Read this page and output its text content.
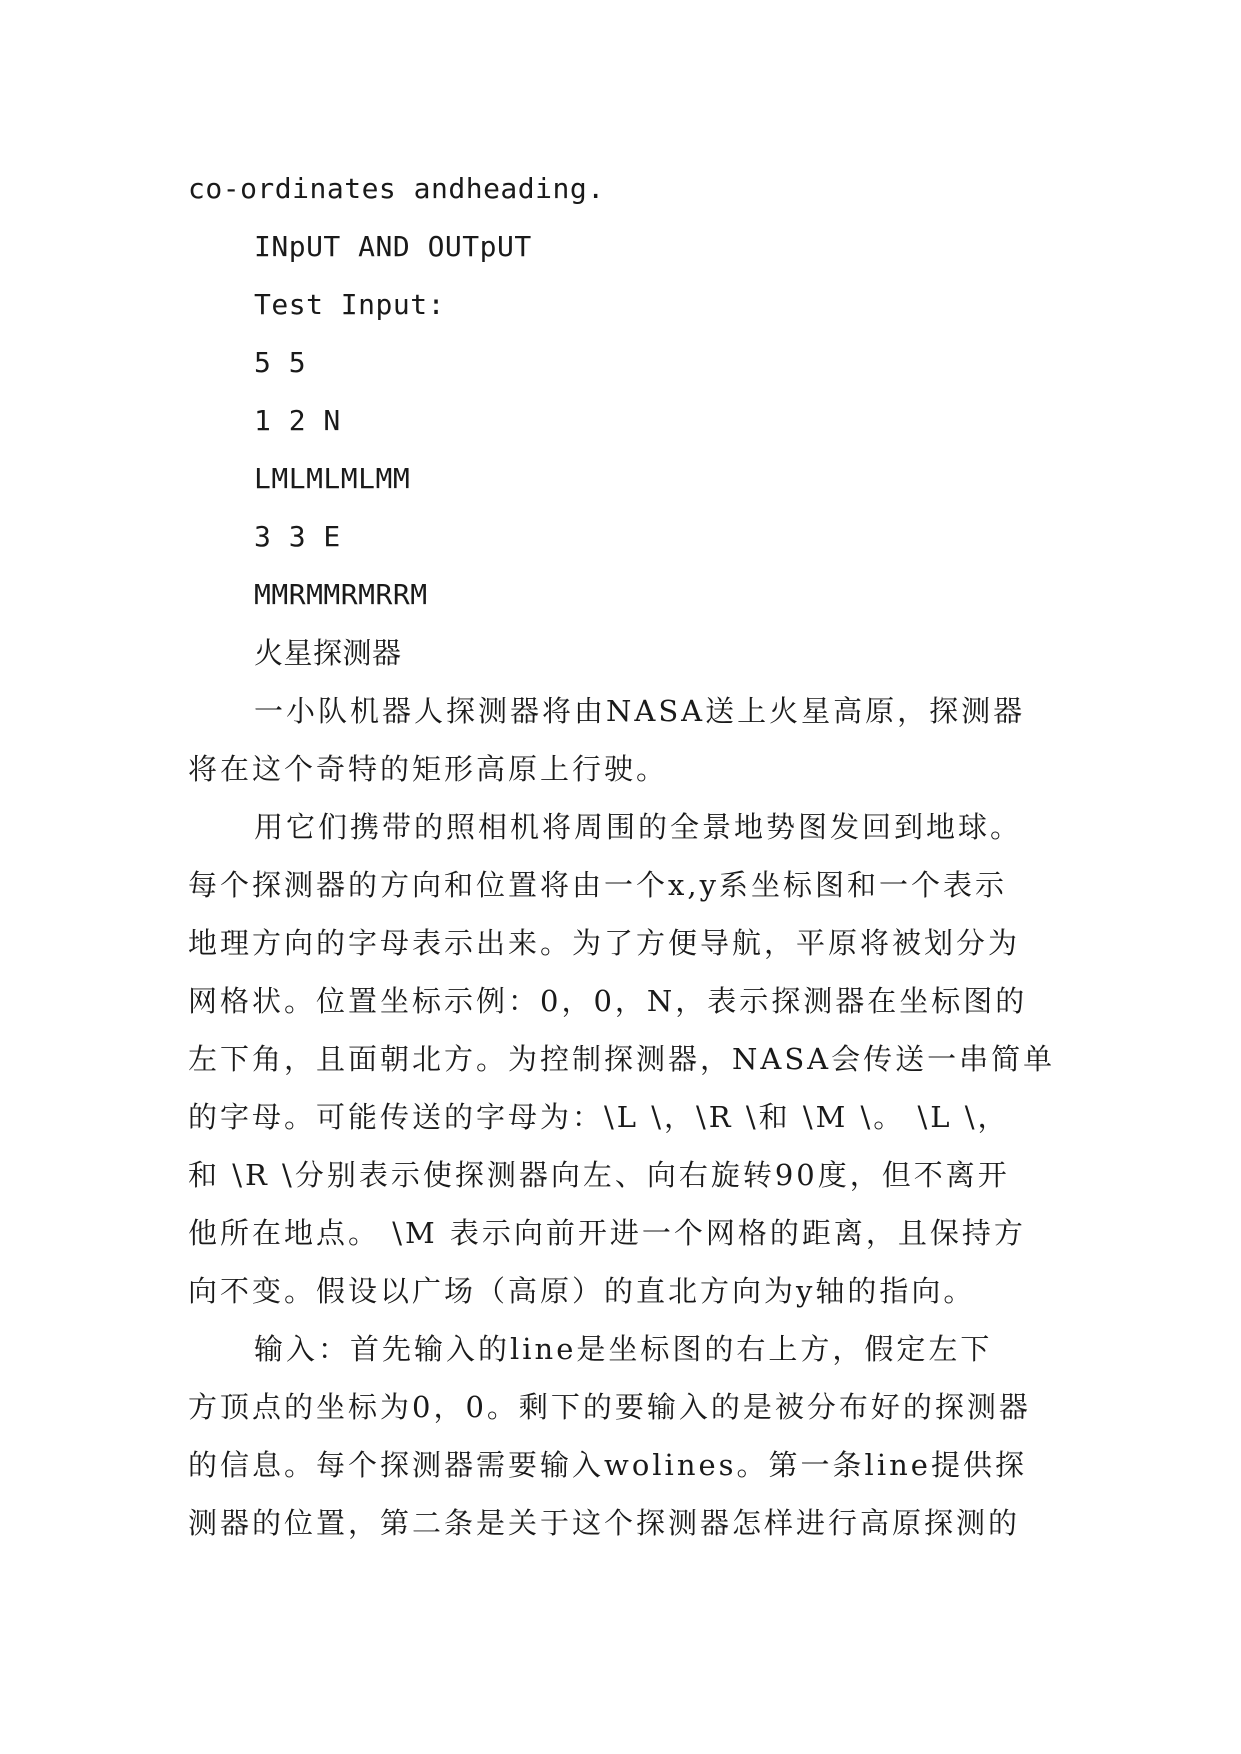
co-ordinates andheading.

INpUT AND OUTpUT

Test Input:

5 5

1 2 N

LMLMLMLMM

3 3 E

MMRMMRMRRM

火星探测器

一小队机器人探测器将由NASA送上火星高原，探测器

将在这个奇特的矩形高原上行驶。

用它们携带的照相机将周围的全景地势图发回到地球。

每个探测器的方向和位置将由一个x,y系坐标图和一个表示

地理方向的字母表示出来。为了方便导航，平原将被划分为

网格状。位置坐标示例：0，0，N，表示探测器在坐标图的

左下角，且面朝北方。为控制探测器，NASA会传送一串简单

的字母。可能传送的字母为：\L \，\R \和 \M \。 \L \，

和 \R \分别表示使探测器向左、向右旋转90度，但不离开

他所在地点。 \M 表示向前开进一个网格的距离，且保持方

向不变。假设以广场（高原）的直北方向为y轴的指向。

输入：首先输入的line是坐标图的右上方，假定左下

方顶点的坐标为0，0。剩下的要输入的是被分布好的探测器

的信息。每个探测器需要输入wolines。第一条line提供探

测器的位置，第二条是关于这个探测器怎样进行高原探测的
